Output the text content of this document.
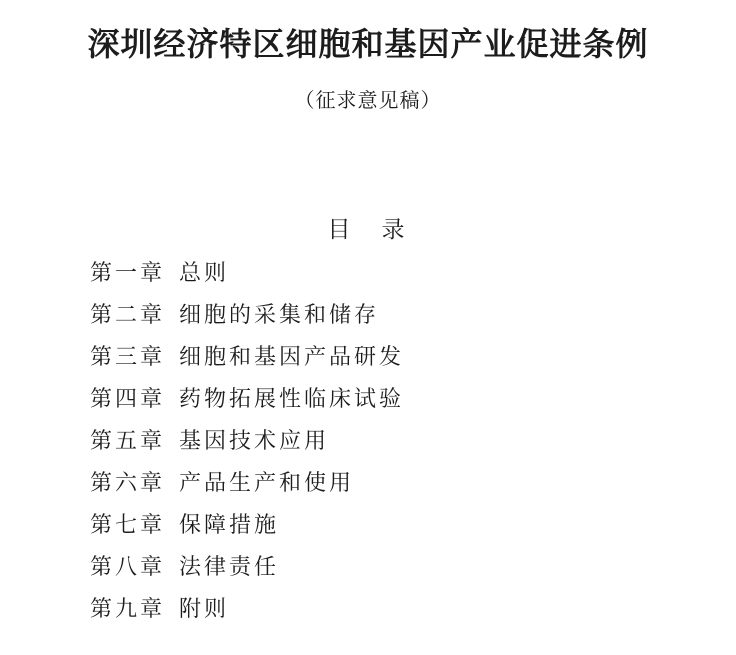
深圳经济特区细胞和基因产业促进条例
（征求意见稿）
目　录
第一章 总则
第二章 细胞的采集和储存
第三章 细胞和基因产品研发
第四章 药物拓展性临床试验
第五章 基因技术应用
第六章 产品生产和使用
第七章 保障措施
第八章 法律责任
第九章 附则
